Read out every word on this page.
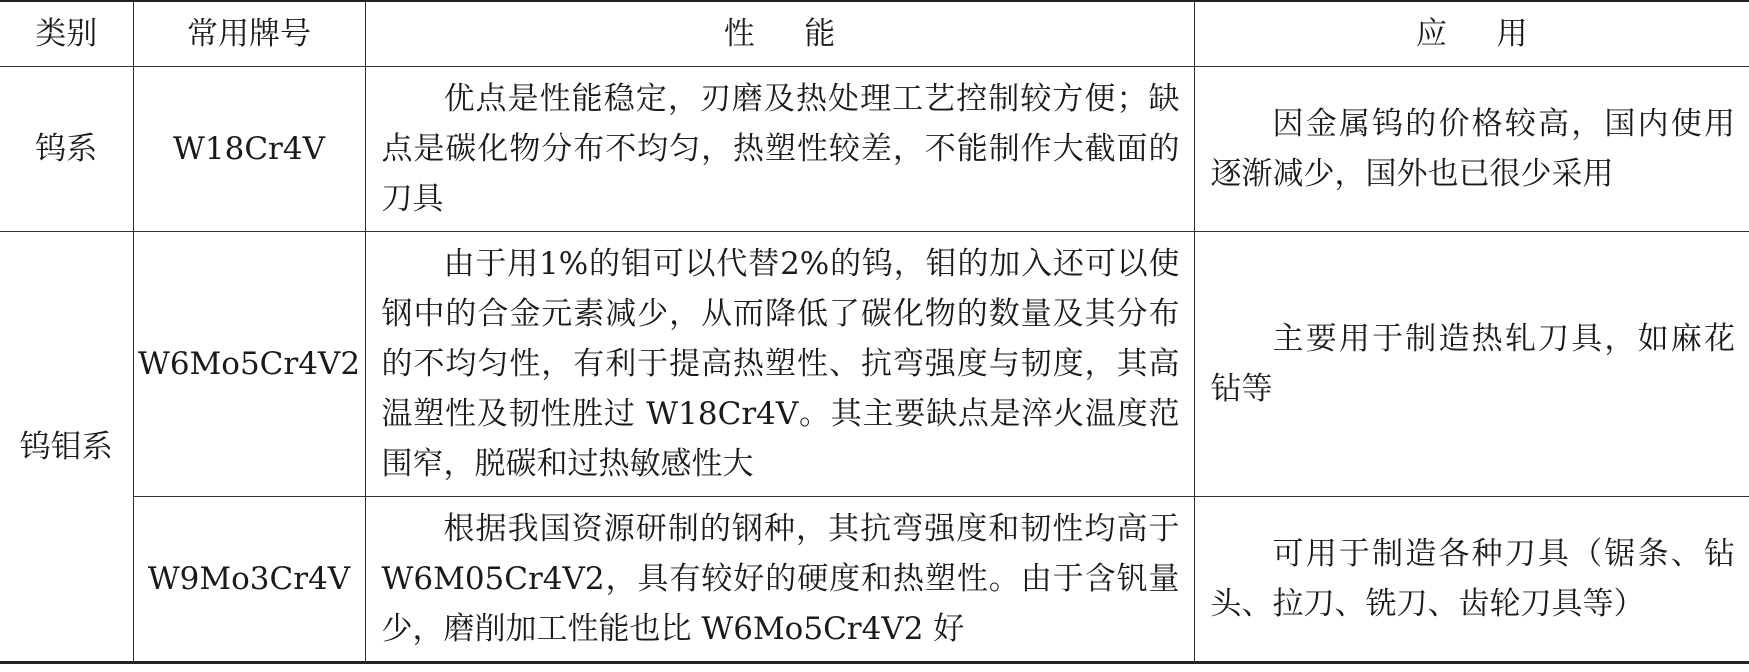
类别	常用牌号	性能	应用
钨系	W18Cr4V	优点是性能稳定，刃磨及热处理工艺控制较方便；缺点是碳化物分布不均匀，热塑性较差，不能制作大截面的刀具	因金属钨的价格较高，国内使用逐渐减少，国外也已很少采用

钨钼系	W6Mo5Cr4V2	由于用1%的钼可以代替2%的钨，钼的加入还可以使钢中的合金元素减少，从而降低了碳化物的数量及其分布的不均匀性，有利于提高热塑性、抗弯强度与韧度，其高温塑性及韧性胜过 W18Cr4V。其主要缺点是淬火温度范围窄，脱碳和过热敏感性大	主要用于制造热轧刀具，如麻花钻等

	W9Mo3Cr4V	根据我国资源研制的钢种，其抗弯强度和韧性均高于W6M05Cr4V2，具有较好的硬度和热塑性。由于含钒量少，磨削加工性能也比 W6Mo5Cr4V2 好	可用于制造各种刀具（锯条、钻头、拉刀、铣刀、齿轮刀具等）
